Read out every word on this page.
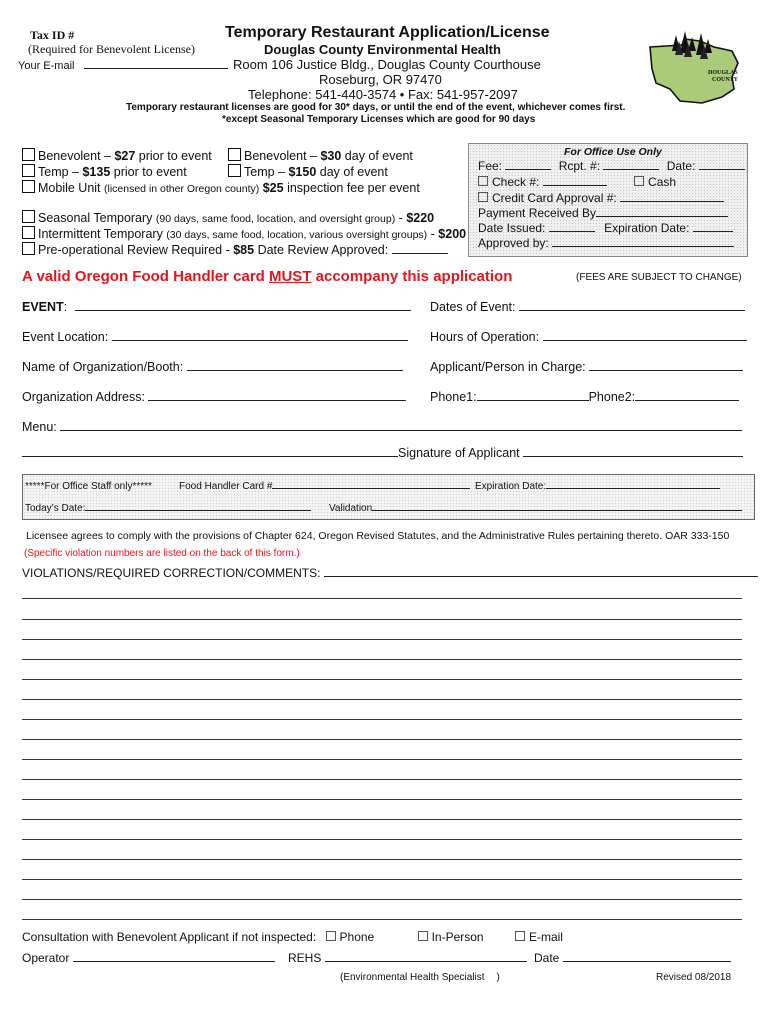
Tax ID #
(Required for Benevolent License)
Your E-mail
Temporary Restaurant Application/License
Douglas County Environmental Health
Room 106 Justice Bldg., Douglas County Courthouse
Roseburg, OR 97470
Telephone: 541-440-3574 • Fax: 541-957-2097
Temporary restaurant licenses are good for 30* days, or until the end of the event, whichever comes first.
*except Seasonal Temporary Licenses which are good for 90 days
DOUGLAS
COUNTY
Benevolent – $27 prior to event	Benevolent – $30 day of event
Temp – $135 prior to event	Temp – $150 day of event
Mobile Unit (licensed in other Oregon county) $25 inspection fee per event
Seasonal Temporary (90 days, same food, location, and oversight group) - $220
Intermittent Temporary (30 days, same food, location, various oversight groups) - $200
Pre-operational Review Required - $85 Date Review Approved:
For Office Use Only
Fee:	Rcpt. #:	Date:
Check #:	Cash
Credit Card Approval #:
Payment Received By
Date Issued:	Expiration Date:
Approved by:
A valid Oregon Food Handler card MUST accompany this application	(FEES ARE SUBJECT TO CHANGE)
EVENT:	Dates of Event:
Event Location:	Hours of Operation:
Name of Organization/Booth:	Applicant/Person in Charge:
Organization Address:	Phone1:	Phone2:
Menu:
Signature of Applicant
*****For Office Staff only*****	Food Handler Card #	Expiration Date:
Today’s Date:	Validation
Licensee agrees to comply with the provisions of Chapter 624, Oregon Revised Statutes, and the Administrative Rules pertaining thereto. OAR 333-150
(Specific violation numbers are listed on the back of this form.)
VIOLATIONS/REQUIRED CORRECTION/COMMENTS:
Consultation with Benevolent Applicant if not inspected: Phone	In-Person	E-mail
Operator	REHS	Date
(Environmental Health Specialist )	Revised 08/2018
